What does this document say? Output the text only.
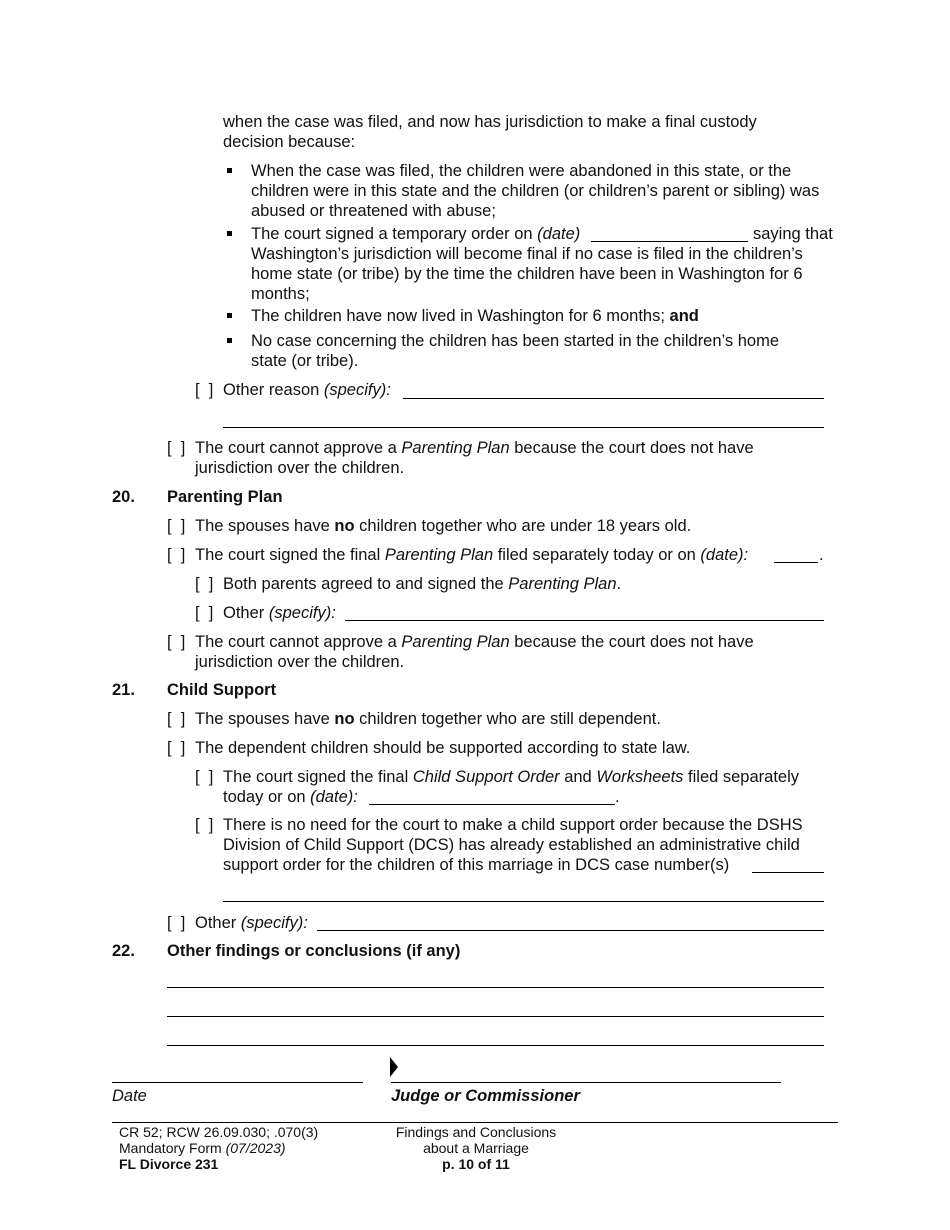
when the case was filed, and now has jurisdiction to make a final custody
decision because:
When the case was filed, the children were abandoned in this state, or the
children were in this state and the children (or children’s parent or sibling) was
abused or threatened with abuse;
The court signed a temporary order on (date)	saying that
Washington’s jurisdiction will become final if no case is filed in the children’s
home state (or tribe) by the time the children have been in Washington for 6
months;
The children have now lived in Washington for 6 months; and
No case concerning the children has been started in the children’s home
state (or tribe).
[  ] Other reason (specify):
[  ] The court cannot approve a Parenting Plan because the court does not have
jurisdiction over the children.
20. Parenting Plan
[  ] The spouses have no children together who are under 18 years old.
[  ] The court signed the final Parenting Plan filed separately today or on (date):	.
[  ] Both parents agreed to and signed the Parenting Plan.
[  ] Other (specify):
[  ] The court cannot approve a Parenting Plan because the court does not have
jurisdiction over the children.
21. Child Support
[  ] The spouses have no children together who are still dependent.
[  ] The dependent children should be supported according to state law.
[  ] The court signed the final Child Support Order and Worksheets filed separately
today or on (date):	.
[  ] There is no need for the court to make a child support order because the DSHS
Division of Child Support (DCS) has already established an administrative child
support order for the children of this marriage in DCS case number(s)
[  ] Other (specify):
22. Other findings or conclusions (if any)
Date	Judge or Commissioner
CR 52; RCW 26.09.030; .070(3)
Mandatory Form (07/2023)
FL Divorce 231
Findings and Conclusions
about a Marriage
p. 10 of 11
